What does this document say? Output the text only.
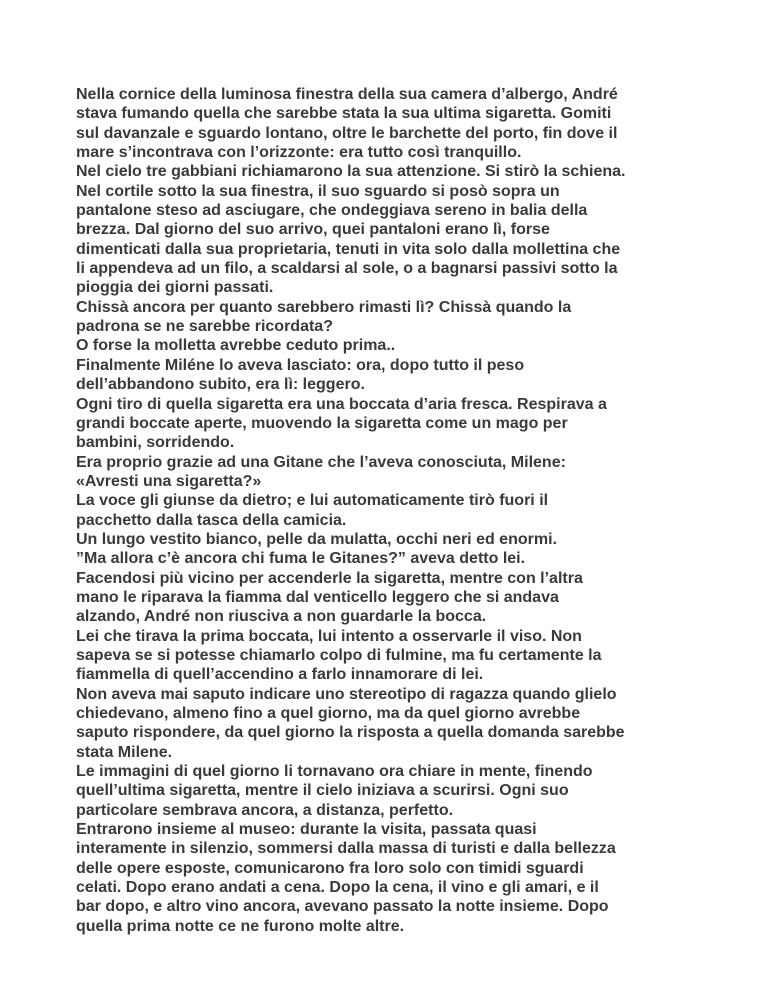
Nella cornice della luminosa finestra della sua camera d’albergo, André

stava fumando quella che sarebbe stata la sua ultima sigaretta. Gomiti

sul davanzale e sguardo lontano, oltre le barchette del porto, fin dove il

mare s’incontrava con l’orizzonte: era tutto così tranquillo.

Nel cielo tre gabbiani richiamarono la sua attenzione. Si stirò la schiena.

Nel cortile sotto la sua finestra, il suo sguardo si posò sopra un

pantalone steso ad asciugare, che ondeggiava sereno in balia della

brezza. Dal giorno del suo arrivo, quei pantaloni erano lì, forse

dimenticati dalla sua proprietaria, tenuti in vita solo dalla mollettina che

li appendeva ad un filo, a scaldarsi al sole, o a bagnarsi passivi sotto la

pioggia dei giorni passati.

Chissà ancora per quanto sarebbero rimasti lì? Chissà quando la

padrona se ne sarebbe ricordata?

O forse la molletta avrebbe ceduto prima..

Finalmente Miléne lo aveva lasciato: ora, dopo tutto il peso

dell’abbandono subito, era lì: leggero.

Ogni tiro di quella sigaretta era una boccata d’aria fresca. Respirava a

grandi boccate aperte, muovendo la sigaretta come un mago per

bambini, sorridendo.

Era proprio grazie ad una Gitane che l’aveva conosciuta, Milene:

«Avresti una sigaretta?»

La voce gli giunse da dietro; e lui automaticamente tirò fuori il

pacchetto dalla tasca della camicia.

Un lungo vestito bianco, pelle da mulatta, occhi neri ed enormi.

”Ma allora c’è ancora chi fuma le Gitanes?” aveva detto lei.

Facendosi più vicino per accenderle la sigaretta, mentre con l’altra

mano le riparava la fiamma dal venticello leggero che si andava

alzando, André non riusciva a non guardarle la bocca.

Lei che tirava la prima boccata, lui intento a osservarle il viso. Non

sapeva se si potesse chiamarlo colpo di fulmine, ma fu certamente la

fiammella di quell’accendino a farlo innamorare di lei.

Non aveva mai saputo indicare uno stereotipo di ragazza quando glielo

chiedevano, almeno fino a quel giorno, ma da quel giorno avrebbe

saputo rispondere, da quel giorno la risposta a quella domanda sarebbe

stata Milene.

Le immagini di quel giorno li tornavano ora chiare in mente, finendo

quell’ultima sigaretta, mentre il cielo iniziava a scurirsi. Ogni suo

particolare sembrava ancora, a distanza, perfetto.

Entrarono insieme al museo: durante la visita, passata quasi

interamente in silenzio, sommersi dalla massa di turisti e dalla bellezza

delle opere esposte, comunicarono fra loro solo con timidi sguardi

celati. Dopo erano andati a cena. Dopo la cena, il vino e gli amari, e il

bar dopo, e altro vino ancora, avevano passato la notte insieme. Dopo

quella prima notte ce ne furono molte altre.
